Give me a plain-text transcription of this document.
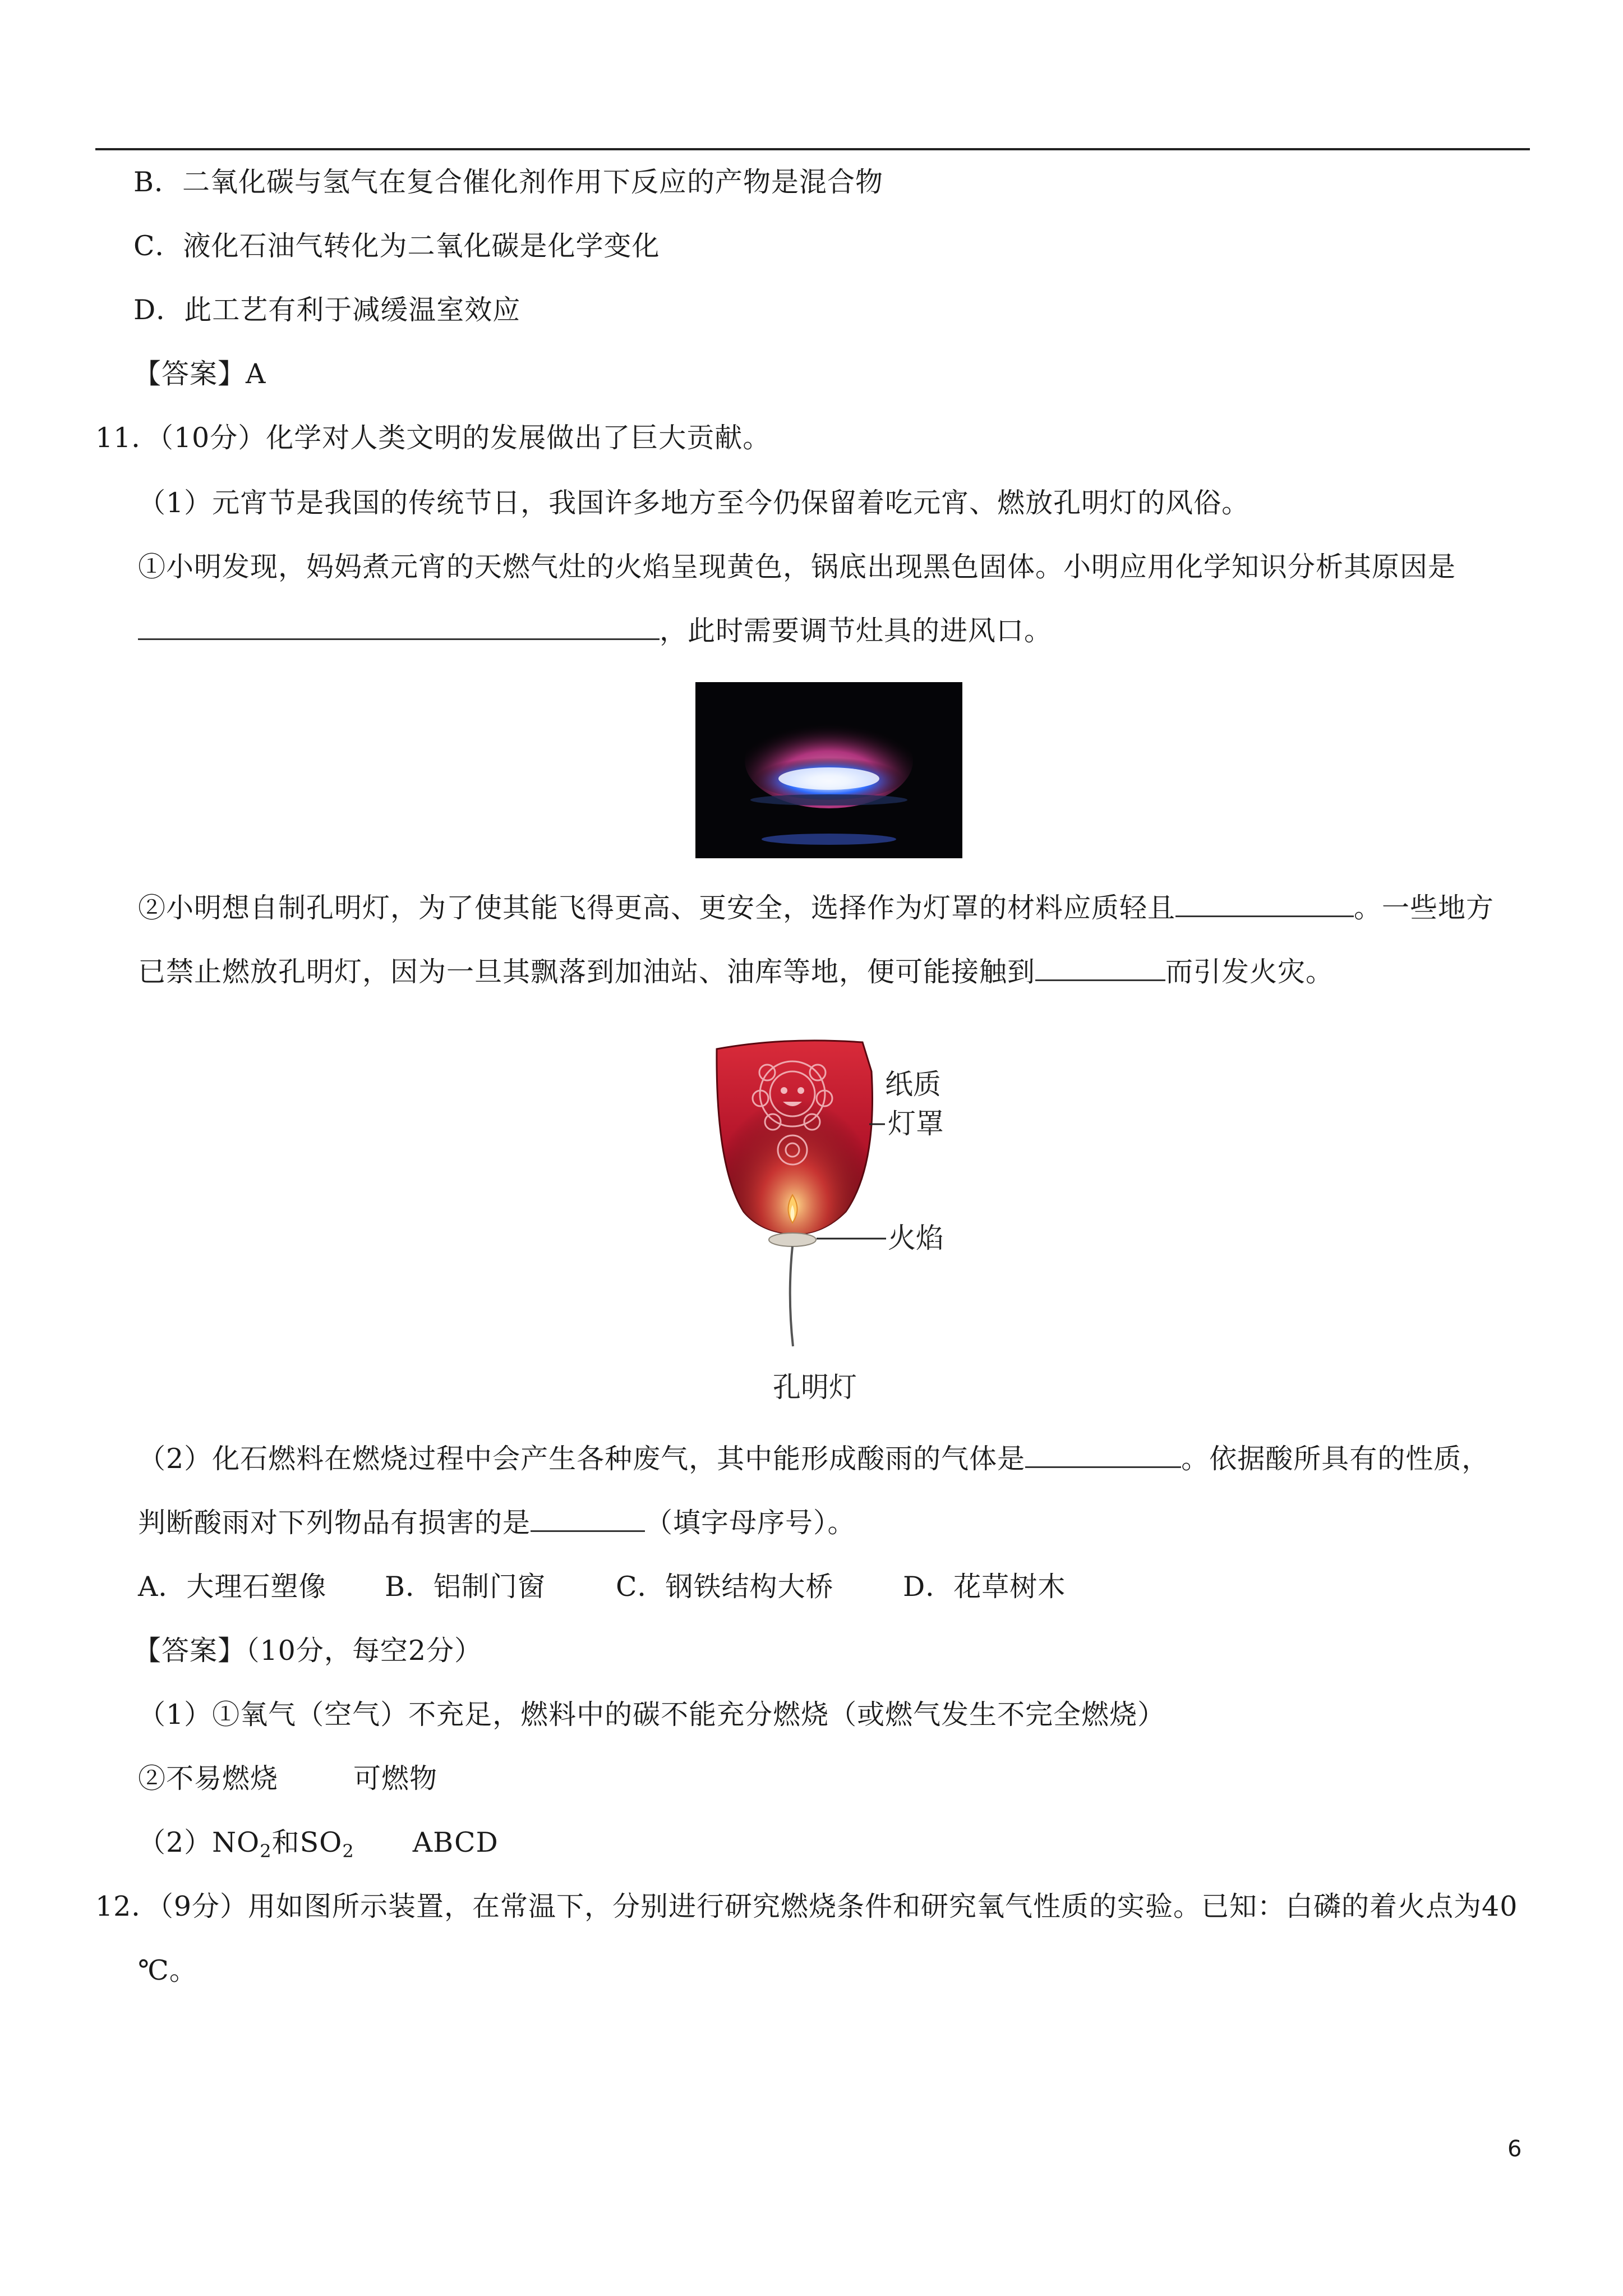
B．二氧化碳与氢气在复合催化剂作用下反应的产物是混合物
C．液化石油气转化为二氧化碳是化学变化
D．此工艺有利于减缓温室效应
【答案】A
11．（10分）化学对人类文明的发展做出了巨大贡献。
（1）元宵节是我国的传统节日，我国许多地方至今仍保留着吃元宵、燃放孔明灯的风俗。
①小明发现，妈妈煮元宵的天燃气灶的火焰呈现黄色，锅底出现黑色固体。小明应用化学知识分析其原因是
，此时需要调节灶具的进风口。
②小明想自制孔明灯，为了使其能飞得更高、更安全，选择作为灯罩的材料应质轻且	。一些地方
已禁止燃放孔明灯，因为一旦其飘落到加油站、油库等地，便可能接触到	而引发火灾。
纸质
灯罩
火焰
孔明灯
（2）化石燃料在燃烧过程中会产生各种废气，其中能形成酸雨的气体是	。依据酸所具有的性质，
判断酸雨对下列物品有损害的是	（填字母序号）。
A．大理石塑像 B．铝制门窗	C．钢铁结构大桥	D．花草树木
【答案】（10分，每空2分）
（1）①氧气（空气）不充足，燃料中的碳不能充分燃烧（或燃气发生不完全燃烧）
②不易燃烧	可燃物
$(2)NO_2$和$SO_2$ ABCD
12．（9分）用如图所示装置，在常温下，分别进行研究燃烧条件和研究氧气性质的实验。已知：白磷的着火点为40
℃。
6
